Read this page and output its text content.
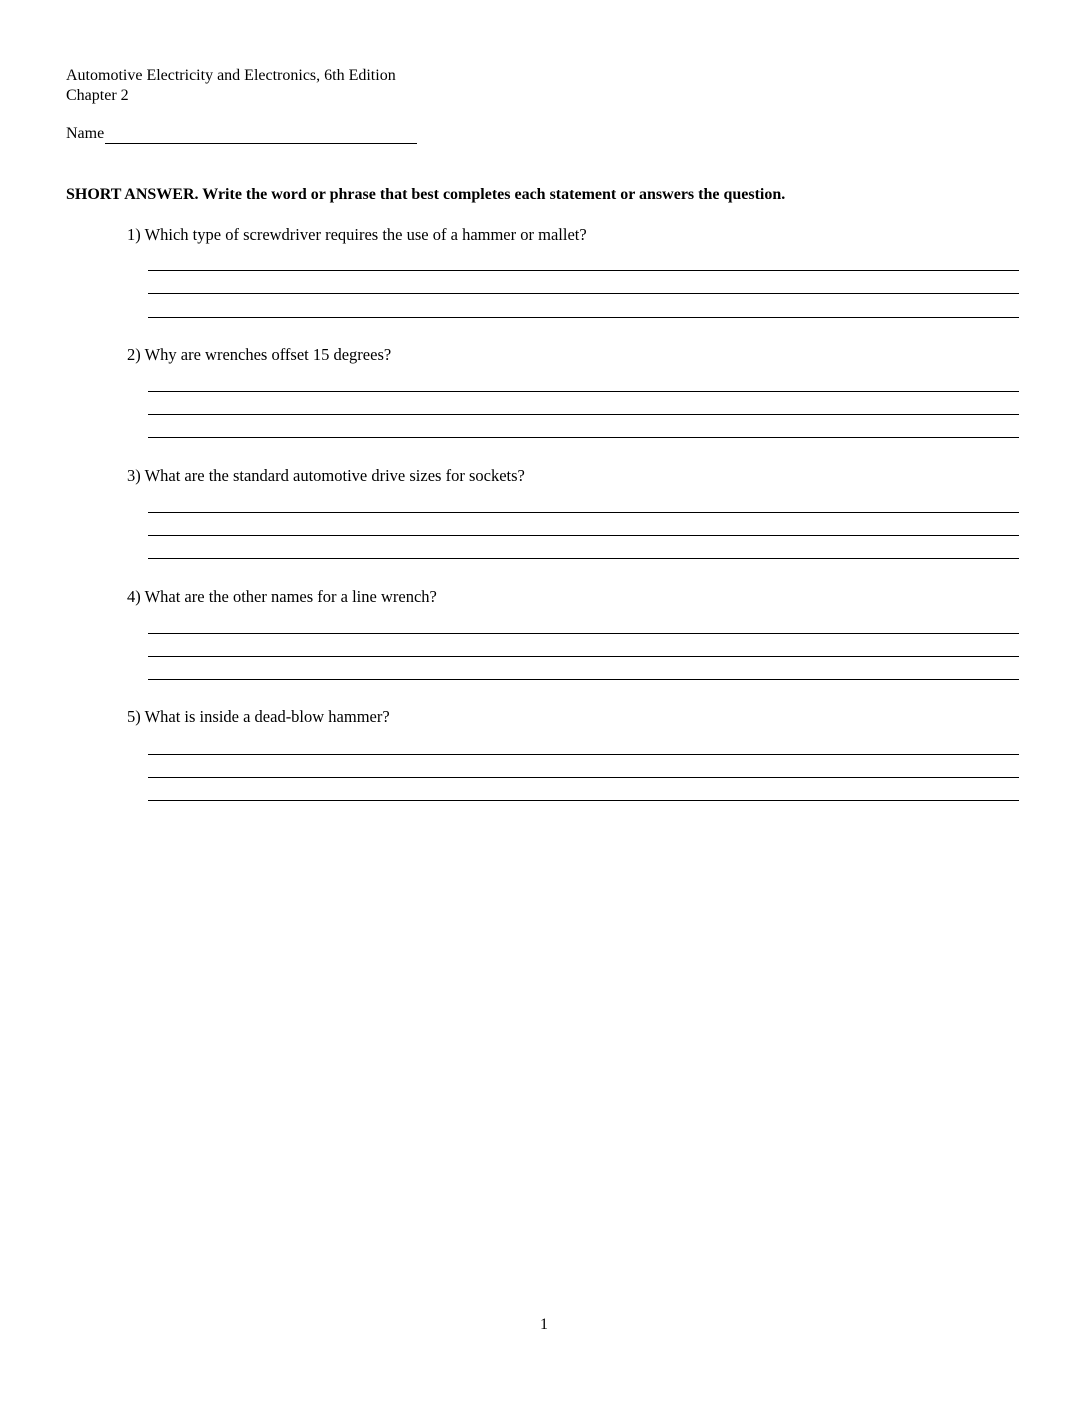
Automotive Electricity and Electronics, 6th Edition
Chapter 2
Name
SHORT ANSWER. Write the word or phrase that best completes each statement or answers the question.
1) Which type of screwdriver requires the use of a hammer or mallet?
2) Why are wrenches offset 15 degrees?
3) What are the standard automotive drive sizes for sockets?
4) What are the other names for a line wrench?
5) What is inside a dead-blow hammer?
1
